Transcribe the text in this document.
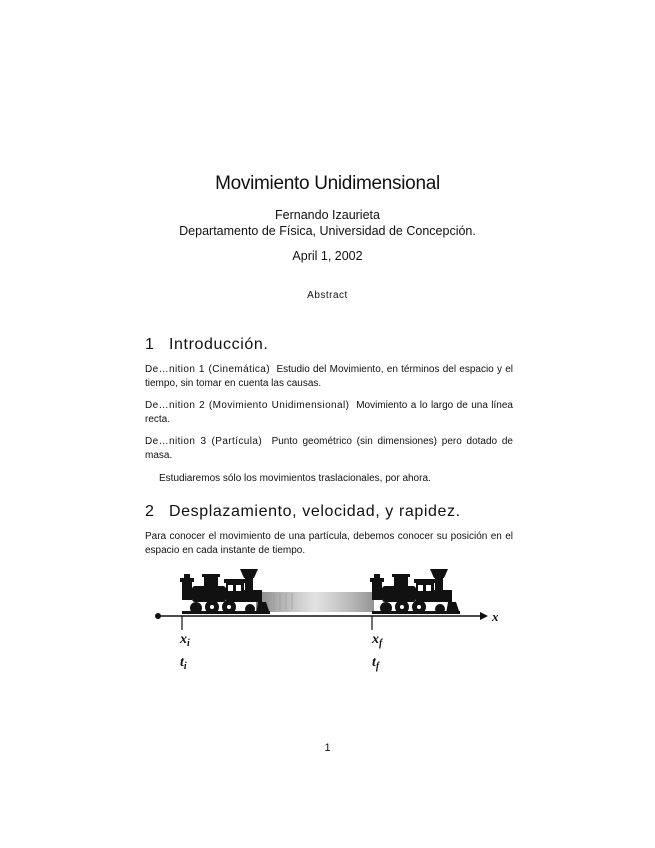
Movimiento Unidimensional
Fernando Izaurieta
Departamento de Física, Universidad de Concepción.
April 1, 2002
Abstract
1 Introducción.
De…nition 1 (Cinemática) Estudio del Movimiento, en términos del espacio y el tiempo, sin tomar en cuenta las causas.
De…nition 2 (Movimiento Unidimensional) Movimiento a lo largo de una línea recta.
De…nition 3 (Partícula) Punto geométrico (sin dimensiones) pero dotado de masa.
Estudiaremos sólo los movimientos traslacionales, por ahora.
2 Desplazamiento, velocidad, y rapidez.
Para conocer el movimiento de una partícula, debemos conocer su posición en el espacio en cada instante de tiempo.
x
$x_i$
$t_i$
$x_f$
$t_f$
1
